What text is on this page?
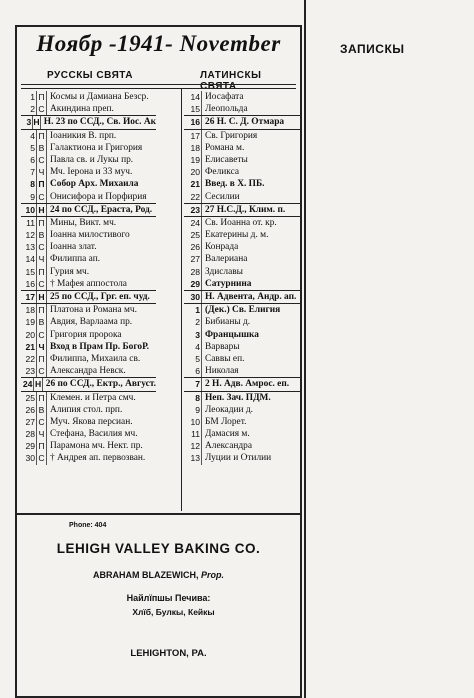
Ноябр -1941- November
РУССКЫ СВЯТА	ЛАТИНСКЫ СВЯТА
1 П Космы и Дамиана Безср.
2 С Акиндина преп.
3 Н Н. 23 по ССД., Св. Иос. Ак
4 П Іоаникия В. прп.
5 В Галактиона и Григория
6 С Павла св. и Лукы пр.
7 Ч Мч. Іерона и 33 муч.
8 П Собор Арх. Михаила
9 С Онисифора и Порфирия
10 Н 24 по ССД., Ераста, Род.
11 П Мины, Викт. мч.
12 В Іоанна милостивого
13 С Іоанна злат.
14 Ч Филиппа ап.
15 П Гурия мч.
16 С † Мафея аппостола
17 Н 25 по ССД., Грг. еп. чуд.
18 П Платона и Романа мч.
19 В Авдия, Варлаама пр.
20 С Григория пророка
21 Ч Вход в Прам Пр. БогоР.
22 П Филиппа, Михаила св.
23 С Александра Невск.
24 Н 26 по ССД., Ектр., Август.
25 П Клемен. и Петра смч.
26 В Алипия стол. прп.
27 С Муч. Якова персиан.
28 Ч Стефана, Василия мч.
29 П Парамона мч. Нект. пр.
30 С † Андрея ап. первозван.
14 Иосафата
15 Леопольда
16 26 Н. С. Д. Отмара
17 Св. Григория
18 Романа м.
19 Елисаветы
20 Феликса
21 Введ. в Х. ПБ.
22 Сесилии
23 27 Н.С.Д., Клим. п.
24 Св. Иоанна от. кр.
25 Екатерины д. м.
26 Конрада
27 Валериана
28 Здиславы
29 Сатурнина
30 Н. Адвента, Андр. ап.
1 (Дек.) Св. Елигия
2 Бибианы д.
3 Францышка
4 Варвары
5 Саввы еп.
6 Николая
7 2 Н. Адв. Амрос. еп.
8 Неп. Зач. ПДМ.
9 Леокадии д.
10 БМ Лорет.
11 Дамасия м.
12 Александра
13 Луции и Отилии
Phone: 404
LEHIGH VALLEY BAKING CO.
ABRAHAM BLAZEWICH, Prop.
Найлїпшы Печива:
Хлїб, Булкы, Кейкы
LEHIGHTON, PA.
ЗАПИСКЫ
